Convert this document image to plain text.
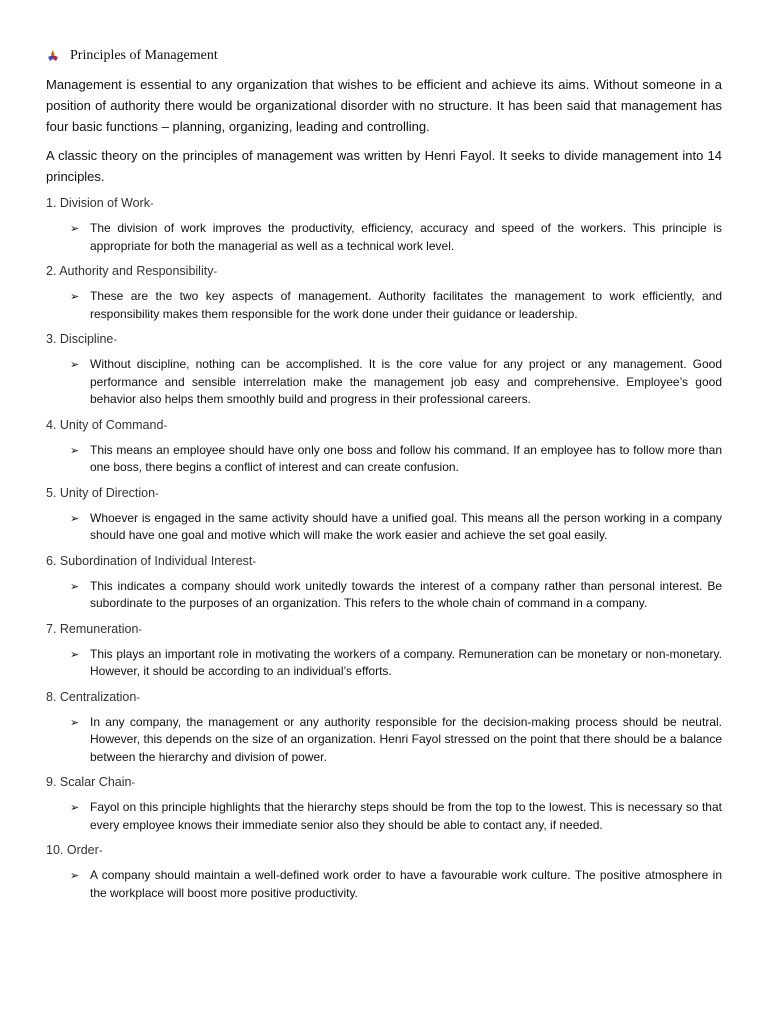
Principles of Management

Management is essential to any organization that wishes to be efficient and achieve its aims. Without someone in a position of authority there would be organizational disorder with no structure. It has been said that management has four basic functions – planning, organizing, leading and controlling.

A classic theory on the principles of management was written by Henri Fayol. It seeks to divide management into 14 principles.

1. Division of Work-

➢ The division of work improves the productivity, efficiency, accuracy and speed of the workers. This principle is appropriate for both the managerial as well as a technical work level.

2. Authority and Responsibility-

➢ These are the two key aspects of management. Authority facilitates the management to work efficiently, and responsibility makes them responsible for the work done under their guidance or leadership.

3. Discipline-

➢ Without discipline, nothing can be accomplished. It is the core value for any project or any management. Good performance and sensible interrelation make the management job easy and comprehensive. Employee’s good behavior also helps them smoothly build and progress in their professional careers.

4. Unity of Command-

➢ This means an employee should have only one boss and follow his command. If an employee has to follow more than one boss, there begins a conflict of interest and can create confusion.

5. Unity of Direction-

➢ Whoever is engaged in the same activity should have a unified goal. This means all the person working in a company should have one goal and motive which will make the work easier and achieve the set goal easily.

6. Subordination of Individual Interest-

➢ This indicates a company should work unitedly towards the interest of a company rather than personal interest. Be subordinate to the purposes of an organization. This refers to the whole chain of command in a company.

7. Remuneration-

➢ This plays an important role in motivating the workers of a company. Remuneration can be monetary or non-monetary. However, it should be according to an individual’s efforts.

8. Centralization-

➢ In any company, the management or any authority responsible for the decision-making process should be neutral. However, this depends on the size of an organization. Henri Fayol stressed on the point that there should be a balance between the hierarchy and division of power.

9. Scalar Chain-

➢ Fayol on this principle highlights that the hierarchy steps should be from the top to the lowest. This is necessary so that every employee knows their immediate senior also they should be able to contact any, if needed.

10. Order-

➢ A company should maintain a well-defined work order to have a favourable work culture. The positive atmosphere in the workplace will boost more positive productivity.
